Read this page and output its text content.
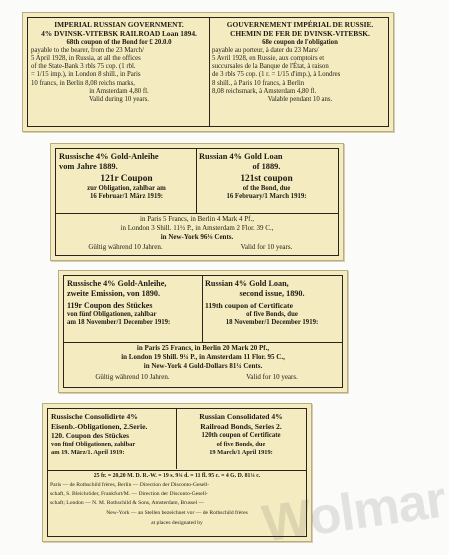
IMPERIAL RUSSIAN GOVERNMENT.

4% DVINSK-VITEBSK RAILROAD Loan 1894.

68th coupon of the Bond for £ 20.0.0

payable to the bearer, from the 23 March/

5 April 1928, in Russia, at all the offices

of the State-Bank 3 rbls 75 cop. (1 rbl.

= 1/15 imp.), in London 8 shill., in Paris

10 francs, in Berlin 8,08 reichs marks,

in Amsterdam 4,80 fl.

Valid during 10 years.

GOUVERNEMENT IMPÉRIAL DE RUSSIE.

CHEMIN DE FER DE DVINSK-VITEBSK.

68e coupon de l'obligation

payable au porteur, à dater du 23 Mars/

5 Avril 1928, en Russie, aux comptoirs et

succursales de la Banque de l'État, à raison

de 3 rbls 75 cop. (1 r. = 1/15 d'imp.), à Londres

8 shill., à Paris 10 francs, à Berlin

8,08 reichsmark, à Amsterdam 4,80 fl.

Valable pendant 10 ans.

Russische 4% Gold-Anleihe

vom Jahre 1889.

121r Coupon

zur Obligation, zahlbar am

16 Februar/1 März 1919:

Russian 4% Gold Loan

of 1889.

121st coupon

of the Bond, due

16 February/1 March 1919:

in Paris 5 Francs, in Berlin 4 Mark 4 Pf.,
in London 3 Shill. 11½ P., in Amsterdam 2 Flor. 39 C.,
in New-York 96⅛ Cents.
Gültig während 10 Jahren.	Valid for 10 years.

Russische 4% Gold-Anleihe,

zweite Emission, von 1890.

119r Coupon des Stückes

von fünf Obligationen, zahlbar

am 18 November/1 December 1919:

Russian 4% Gold Loan,

second issue, 1890.

119th coupon of Certificate

of five Bonds, due

18 November/1 December 1919:

in Paris 25 Francs, in Berlin 20 Mark 20 Pf.,
in London 19 Shill. 9¼ P., in Amsterdam 11 Flor. 95 C.,
in New-York 4 Gold-Dollars 81¼ Cents.
Gültig während 10 Jahren.	Valid for 10 years.

Russische Consolidirte 4%

Eisenb.-Obligationen, 2.Serie.

120. Coupon des Stückes

von fünf Obligationen, zahlbar

am 19. März/1. April 1919:

Russian Consolidated 4%

Railroad Bonds, Series 2.

120th coupon of Certificate

of five Bonds, due

19 March/1 April 1919:

25 fr. = 20,20 M. D. R.-W. = 19 s. 9¼ d. = 11 fl. 95 c. = 4 G. D. 81¼ c.
Paris — de Rothschild frères, Berlin — Direction der Disconto-Gesell-
schaft, S. Bleichröder, Frankfurt/M. — Direction der Disconto-Gesell-
schaft; London — N. M. Rothschild & Sons, Amsterdam, Brussel —
New-York — an Stellen bezeichnet vor — de Rothschild frères
at places designated by	Wolmar
